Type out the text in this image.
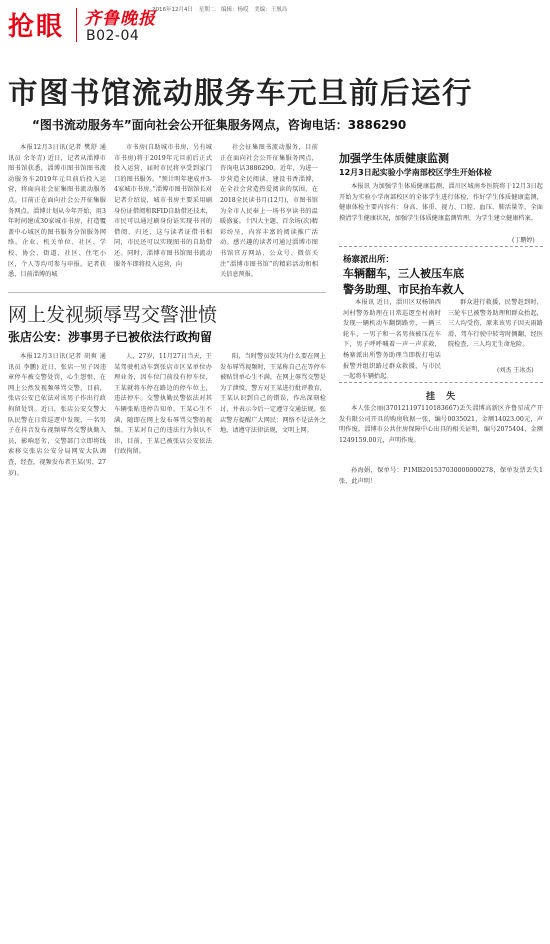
抢眼 齐鲁晚报
2016年12月4日 星期二 编辑：杨哎 美编：王凰岛
B02-04
市图书馆流动服务车元旦前后运行
“图书流动服务车”面向社会公开征集服务网点，咨询电话：3886290

本报12月3日讯(记者 樊舒 通讯员 余冬青) 近日，记者从淄博市图书馆获悉，淄博市图书馆图书流动服务车2019年元旦前后投入运营，将面向社会征集图书流动服务点。目前正在面向社会公开征集服务网点。淄博计划从今年开始，用3年时间建成30家城市书房，打造覆盖中心城区的图书服务分馆服务网络。企业、机关单位、社区、学校、协会、街道、社区、住宅小区，个人等均可参与申报。记者获悉，目前淄博的城

市书房(自助城市书房，另有城市书房)将于2019年元旦前后正式投入运营，届时市民将享受到家门口的图书服务。“预计明年建成并3-4家城市书房。”淄博市图书馆馆长对记者介绍说，城市书房主要采用刷身份证借阅和RFID自助借还技术，市民可以通过刷身份证实现书刊的借阅、归还，这与读者证借书相同，市民还可以实现图书的自助借还。同时，淄博市图书馆图书流动服务车即将投入运营，向

社会征集图书流动服务，目前正在面向社会公开征集服务网点，咨询电话3886290。近年，为进一步营造全民阅读、建设书香淄博，在全社会营造热爱阅读的氛围，在2018全民读书月(12月)，市图书馆为全市人民奉上一场书享读书的温暖盛宴。十四大主题、百余场(次)精彩纷呈，内容丰富的阅读推广活动。感兴趣的读者可通过淄博市图书馆官方网站、公众号、微信关注“淄博市图书馆”的精彩活动和相关信息预报。

加强学生体质健康监测
12月3日起实验小学南部校区学生开始体检

本报讯 为加强学生体质健康监测，淄川区城南乡医院将于12月3日起开始为实验小学南部校区的全体学生进行体检，作好学生体质健康监测，健康体检主要内容有：身高、体重、视力、口腔、血压、肺活量等，全面摸清学生健康状况，加强学生体质健康监测管理，为学生建立健康档案。

(丁鹏婷)
杨寨派出所：
车辆翻车，三人被压车底
警务助理、市民抬车救人

本报讯 近日，淄川区双杨镇西河村警务助理在日常巡逻至村南时发现一辆机动车翻倒路旁，一辆三轮车，一男子和一名男孩被压在车下，男子呼呼喊着一声一声求救，杨寨派出所警务助理当即拨打电话报警并组织路过群众救援，与市民一起将车辆抬起。

群众进行救援，民警赶到时，三轮车已被警务助理和群众抬起，三人均受伤，原来该男子因天雨路滑，驾车行驶中转弯时侧翻，经医院检查，三人均无生命危险。

(刘杰 王冰杰)
网上发视频辱骂交警泄愤
张店公安：涉事男子已被依法行政拘留

本报12月3日讯(记者 胡爽 通讯员 李鹏) 近日，张店一男子因违章停车被交警处罚，心生怨恨，在网上公然发视频辱骂交警，目前，张店公安已依法对该男子作出行政拘留处罚。近日，张店公安交警大队民警在日常巡逻中发现，一名男子在抖音发布视频辱骂交警执勤人员，影响恶劣，交警部门立即将线索移交张店公安分局网安大队调查，经查，视频发布者王某(男，27岁)。

人，27岁，11月27日当天，王某驾驶机动车到张店市区某单位办理业务，因车位门前没有停车位，王某就将车停在路边的停车位上，违法停车。交警执勤民警依法对其车辆张贴违停告知单，王某心生不满，随即在网上发布辱骂交警的视频。王某对自己的违法行为供认不讳，目前，王某已被张店公安依法行政拘留。

阳，当时警员发其为什么要在网上发布辱骂视频时，王某称自己在等停车被贴罚单心生不满，在网上辱骂交警是为了泄愤，警方对王某进行批评教育，王某认识到自己的错误，作出深刻检讨，并表示今后一定遵守交通法规。张店警方提醒广大网民：网络不是法外之地，请遵守法律法规，文明上网。

挂 失

本人张会丽(370121197110183667)丢失淄博高新区齐鲁星成产开发有限公司开具的购房收据一张，编号0035021，金额14023.00元，声明作废。淄博市公共住房保障中心出具的相关证明，编号2075404，金额1249159.00元，声明作废。

孙海娟，保单号：P1MB201537030000000278，保单发票丢失1张，此声明！
